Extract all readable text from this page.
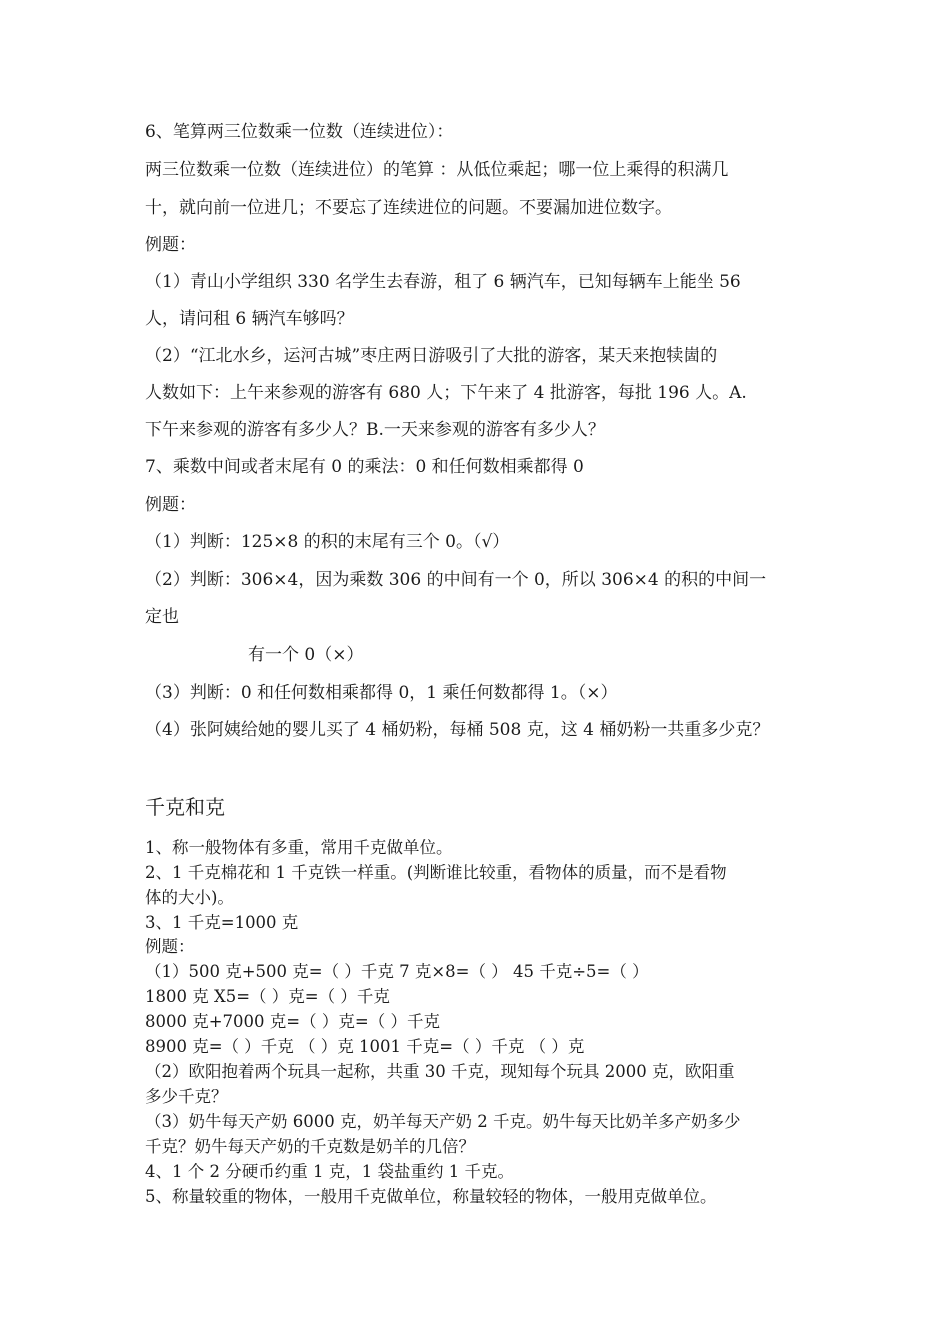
6、笔算两三位数乘一位数（连续进位）：

两三位数乘一位数（连续进位）的笔算 ：从低位乘起；哪一位上乘得的积满几

十，就向前一位进几；不要忘了连续进位的问题。不要漏加进位数字。

例题：

（1）青山小学组织 330 名学生去春游，租了 6 辆汽车，已知每辆车上能坐 56

人，请问租 6 辆汽车够吗？

（2）“江北水乡，运河古城”枣庄两日游吸引了大批的游客，某天来抱犊崮的

人数如下：上午来参观的游客有 680 人；下午来了 4 批游客，每批 196 人。A.

下午来参观的游客有多少人？B.一天来参观的游客有多少人？

7、乘数中间或者末尾有 0 的乘法：0 和任何数相乘都得 0

例题：

（1）判断：125×8 的积的末尾有三个 0。（√）

（2）判断：306×4，因为乘数 306 的中间有一个 0，所以 306×4 的积的中间一

定也

有一个 0（×）

（3）判断：0 和任何数相乘都得 0，1 乘任何数都得 1。（×）

（4）张阿姨给她的婴儿买了 4 桶奶粉，每桶 508 克，这 4 桶奶粉一共重多少克？

千克和克

1、称一般物体有多重，常用千克做单位。

2、1 千克棉花和 1 千克铁一样重。(判断谁比较重，看物体的质量，而不是看物

体的大小)。

3、1 千克=1000 克

例题：

（1）500 克+500 克=（ ）千克 7 克×8=（ ） 45 千克÷5=（ ）

1800 克 X5=（ ）克=（ ）千克

8000 克+7000 克=（ ）克=（ ）千克

8900 克=（ ）千克 （ ）克 1001 千克=（ ）千克 （ ）克

（2）欧阳抱着两个玩具一起称，共重 30 千克，现知每个玩具 2000 克，欧阳重

多少千克？

（3）奶牛每天产奶 6000 克，奶羊每天产奶 2 千克。奶牛每天比奶羊多产奶多少

千克？奶牛每天产奶的千克数是奶羊的几倍？

4、1 个 2 分硬币约重 1 克，1 袋盐重约 1 千克。

5、称量较重的物体，一般用千克做单位，称量较轻的物体，一般用克做单位。
